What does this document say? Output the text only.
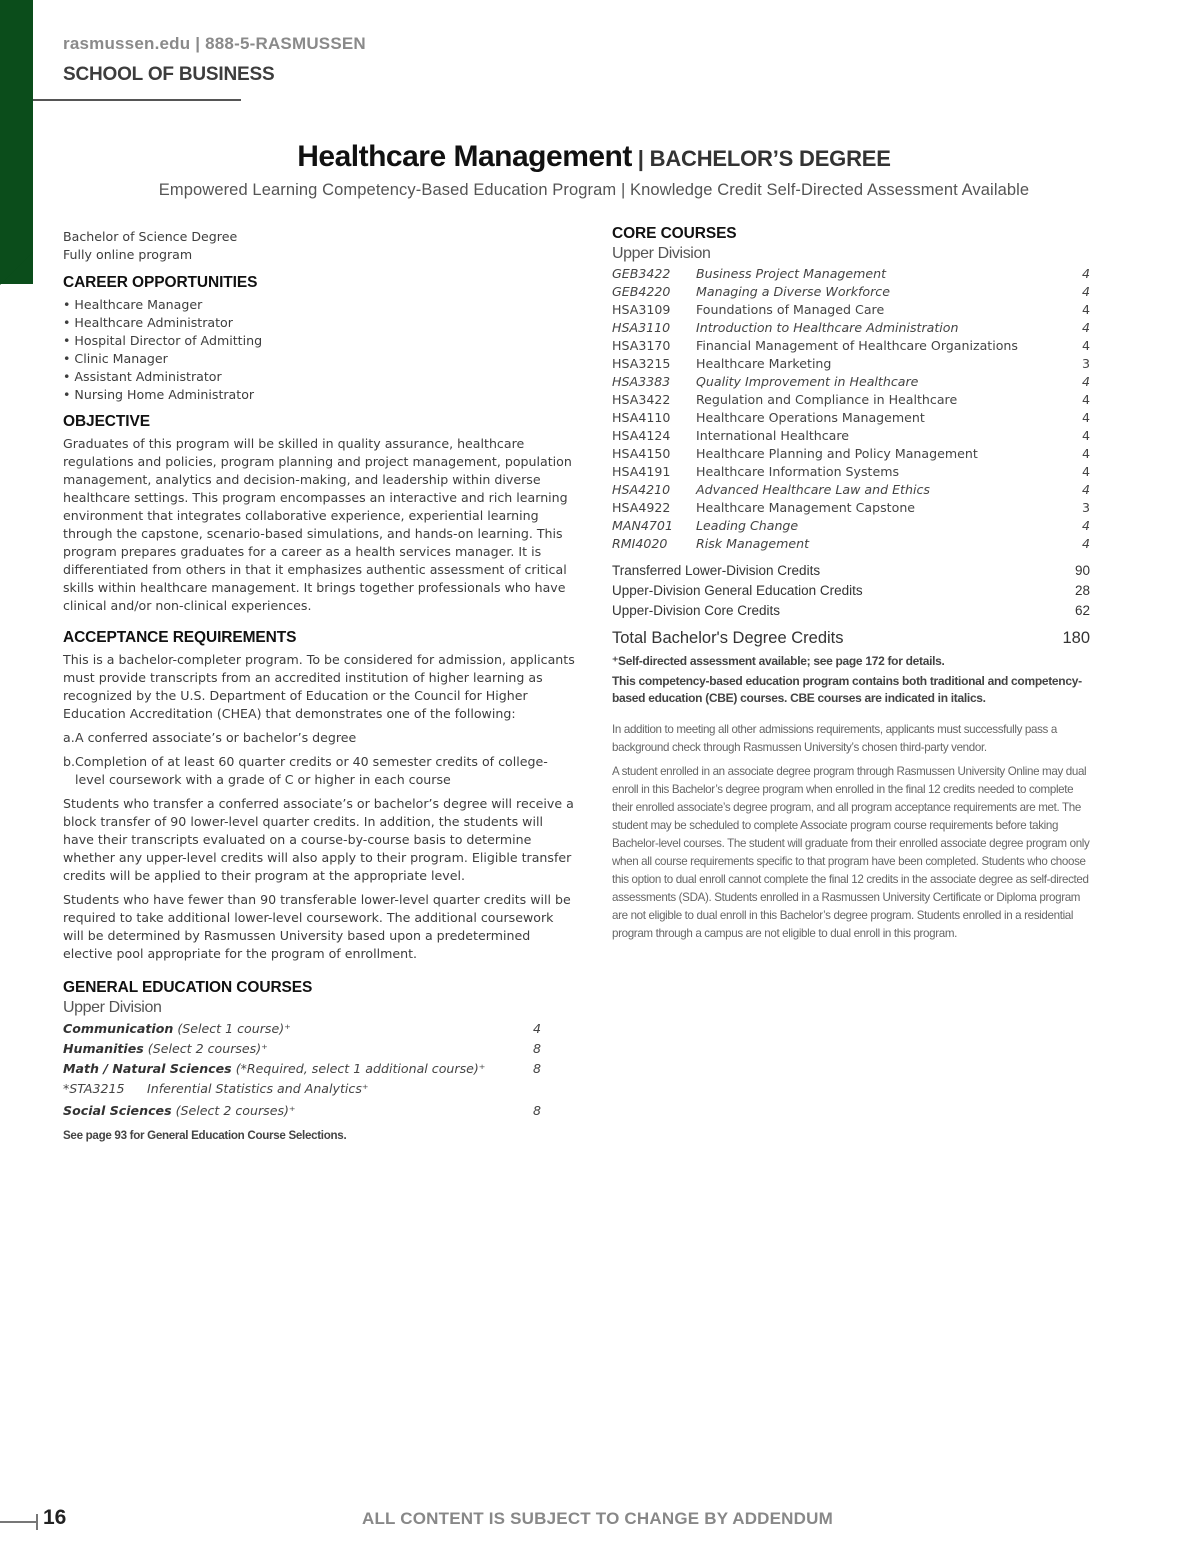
rasmussen.edu | 888-5-RASMUSSEN
SCHOOL OF BUSINESS
Healthcare Management | BACHELOR’S DEGREE
Empowered Learning Competency-Based Education Program | Knowledge Credit Self-Directed Assessment Available
Bachelor of Science Degree
Fully online program
CAREER OPPORTUNITIES
• Healthcare Manager
• Healthcare Administrator
• Hospital Director of Admitting
• Clinic Manager
• Assistant Administrator
• Nursing Home Administrator
OBJECTIVE
Graduates of this program will be skilled in quality assurance, healthcare regulations and policies, program planning and project management, population management, analytics and decision-making, and leadership within diverse healthcare settings. This program encompasses an interactive and rich learning environment that integrates collaborative experience, experiential learning through the capstone, scenario-based simulations, and hands-on learning. This program prepares graduates for a career as a health services manager. It is differentiated from others in that it emphasizes authentic assessment of critical skills within healthcare management. It brings together professionals who have clinical and/or non-clinical experiences.
ACCEPTANCE REQUIREMENTS
This is a bachelor-completer program. To be considered for admission, applicants must provide transcripts from an accredited institution of higher learning as recognized by the U.S. Department of Education or the Council for Higher Education Accreditation (CHEA) that demonstrates one of the following:
a. A conferred associate’s or bachelor’s degree
b. Completion of at least 60 quarter credits or 40 semester credits of college-level coursework with a grade of C or higher in each course
Students who transfer a conferred associate’s or bachelor’s degree will receive a block transfer of 90 lower-level quarter credits. In addition, the students will have their transcripts evaluated on a course-by-course basis to determine whether any upper-level credits will also apply to their program. Eligible transfer credits will be applied to their program at the appropriate level.
Students who have fewer than 90 transferable lower-level quarter credits will be required to take additional lower-level coursework. The additional coursework will be determined by Rasmussen University based upon a predetermined elective pool appropriate for the program of enrollment.
GENERAL EDUCATION COURSES
Upper Division
Communication (Select 1 course)⁺	4
Humanities (Select 2 courses)⁺	8
Math / Natural Sciences (*Required, select 1 additional course)⁺	8
*STA3215	Inferential Statistics and Analytics⁺
Social Sciences (Select 2 courses)⁺	8
See page 93 for General Education Course Selections.
CORE COURSES
Upper Division
GEB3422	Business Project Management	4
GEB4220	Managing a Diverse Workforce	4
HSA3109	Foundations of Managed Care	4
HSA3110	Introduction to Healthcare Administration	4
HSA3170	Financial Management of Healthcare Organizations	4
HSA3215	Healthcare Marketing	3
HSA3383	Quality Improvement in Healthcare	4
HSA3422	Regulation and Compliance in Healthcare	4
HSA4110	Healthcare Operations Management	4
HSA4124	International Healthcare	4
HSA4150	Healthcare Planning and Policy Management	4
HSA4191	Healthcare Information Systems	4
HSA4210	Advanced Healthcare Law and Ethics	4
HSA4922	Healthcare Management Capstone	3
MAN4701	Leading Change	4
RMI4020	Risk Management	4
Transferred Lower-Division Credits	90
Upper-Division General Education Credits	28
Upper-Division Core Credits	62
Total Bachelor's Degree Credits	180
⁺Self-directed assessment available; see page 172 for details.
This competency-based education program contains both traditional and competency-based education (CBE) courses. CBE courses are indicated in italics.
In addition to meeting all other admissions requirements, applicants must successfully pass a background check through Rasmussen University’s chosen third-party vendor.
A student enrolled in an associate degree program through Rasmussen University Online may dual enroll in this Bachelor’s degree program when enrolled in the final 12 credits needed to complete their enrolled associate’s degree program, and all program acceptance requirements are met. The student may be scheduled to complete Associate program course requirements before taking Bachelor-level courses. The student will graduate from their enrolled associate degree program only when all course requirements specific to that program have been completed. Students who choose this option to dual enroll cannot complete the final 12 credits in the associate degree as self-directed assessments (SDA). Students enrolled in a Rasmussen University Certificate or Diploma program are not eligible to dual enroll in this Bachelor’s degree program. Students enrolled in a residential program through a campus are not eligible to dual enroll in this program.
16	ALL CONTENT IS SUBJECT TO CHANGE BY ADDENDUM
